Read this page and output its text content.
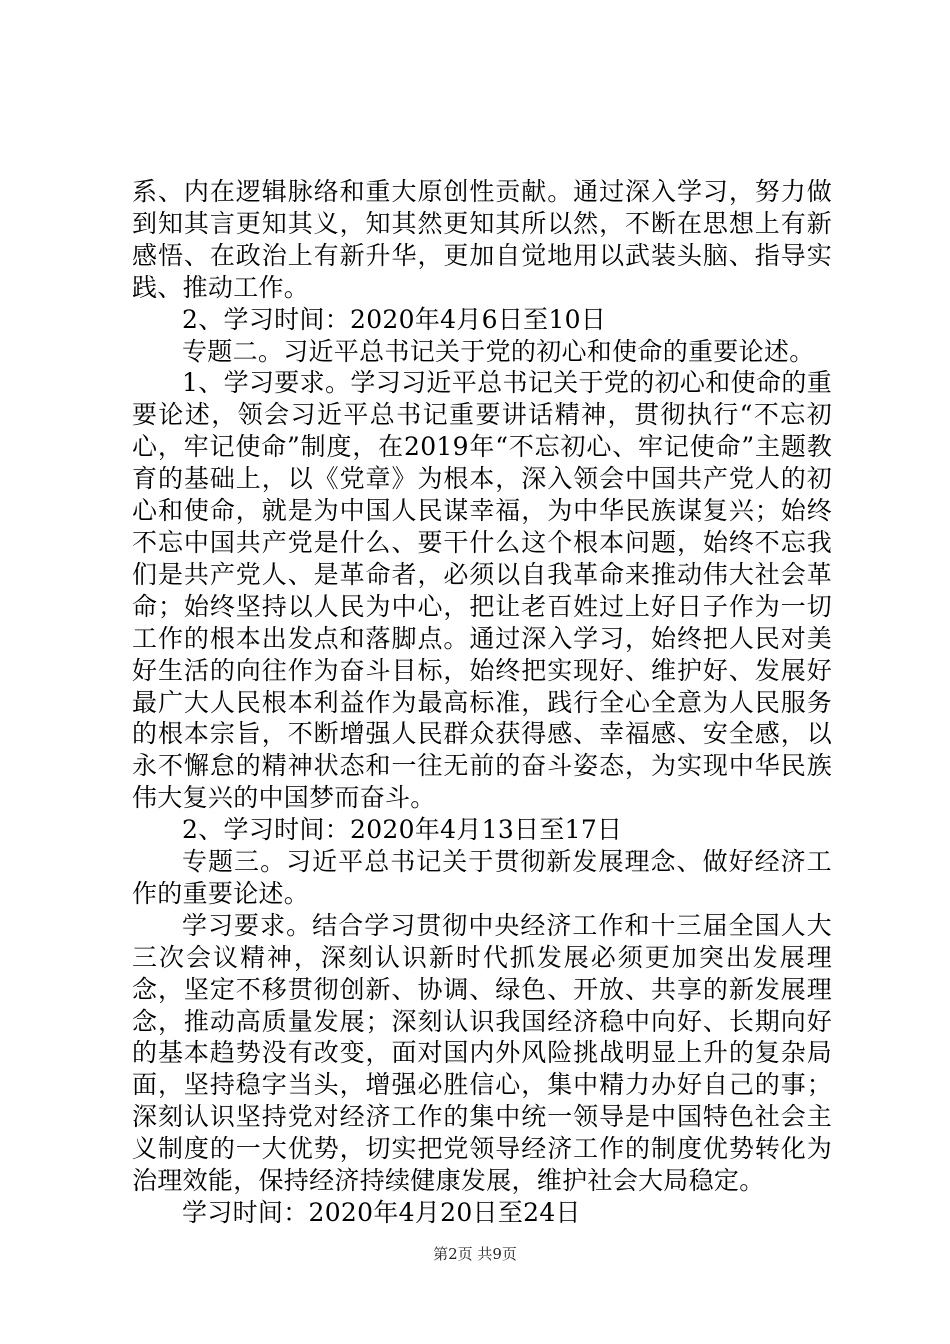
系、内在逻辑脉络和重大原创性贡献。通过深入学习，努力做到知其言更知其义，知其然更知其所以然，不断在思想上有新感悟、在政治上有新升华，更加自觉地用以武装头脑、指导实践、推动工作。

2、学习时间：2020年4月6日至10日

专题二。习近平总书记关于党的初心和使命的重要论述。

1、学习要求。学习习近平总书记关于党的初心和使命的重要论述，领会习近平总书记重要讲话精神，贯彻执行“不忘初心，牢记使命”制度，在2019年“不忘初心、牢记使命”主题教育的基础上，以《党章》为根本，深入领会中国共产党人的初心和使命，就是为中国人民谋幸福，为中华民族谋复兴；始终不忘中国共产党是什么、要干什么这个根本问题，始终不忘我们是共产党人、是革命者，必须以自我革命来推动伟大社会革命；始终坚持以人民为中心，把让老百姓过上好日子作为一切工作的根本出发点和落脚点。通过深入学习，始终把人民对美好生活的向往作为奋斗目标，始终把实现好、维护好、发展好最广大人民根本利益作为最高标准，践行全心全意为人民服务的根本宗旨，不断增强人民群众获得感、幸福感、安全感，以永不懈怠的精神状态和一往无前的奋斗姿态，为实现中华民族伟大复兴的中国梦而奋斗。

2、学习时间：2020年4月13日至17日

专题三。习近平总书记关于贯彻新发展理念、做好经济工作的重要论述。

学习要求。结合学习贯彻中央经济工作和十三届全国人大三次会议精神，深刻认识新时代抓发展必须更加突出发展理念，坚定不移贯彻创新、协调、绿色、开放、共享的新发展理念，推动高质量发展；深刻认识我国经济稳中向好、长期向好的基本趋势没有改变，面对国内外风险挑战明显上升的复杂局面，坚持稳字当头，增强必胜信心，集中精力办好自己的事；深刻认识坚持党对经济工作的集中统一领导是中国特色社会主义制度的一大优势，切实把党领导经济工作的制度优势转化为治理效能，保持经济持续健康发展，维护社会大局稳定。

学习时间：2020年4月20日至24日

第2页 共9页
